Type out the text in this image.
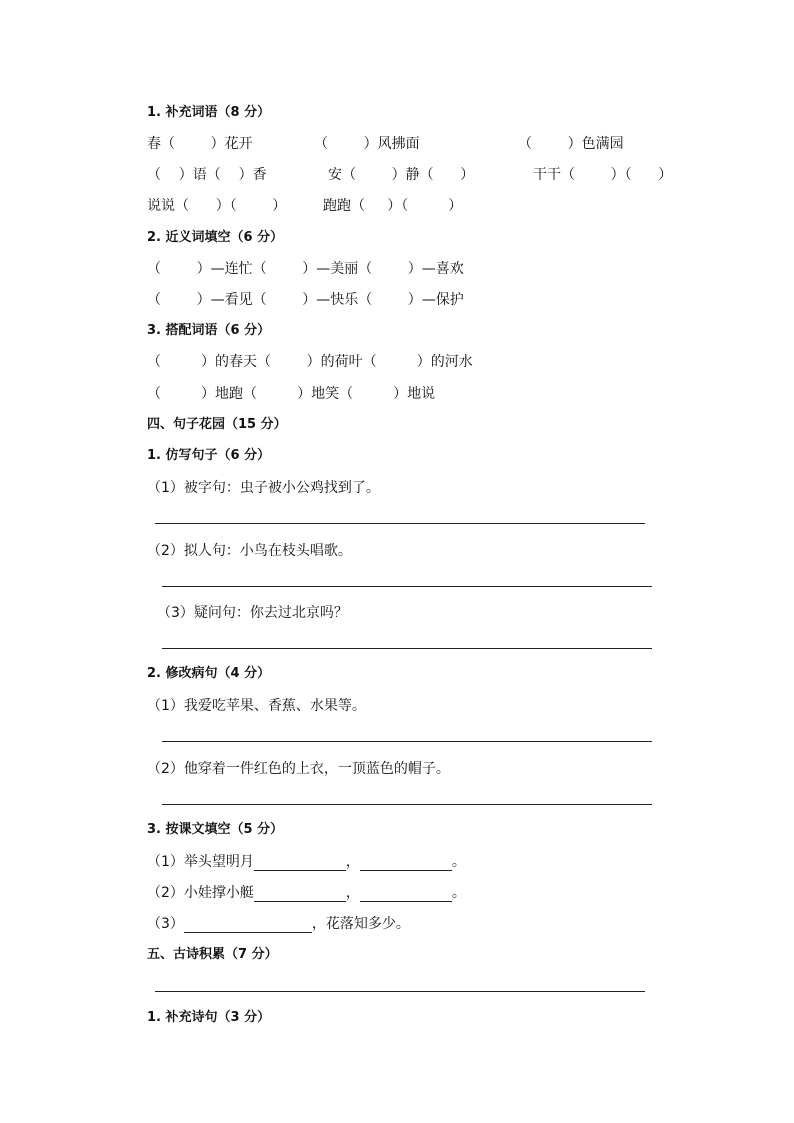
1. 补充词语（8 分）
春（        ）花开	（        ）风拂面	（        ）色满园
（    ）语（    ）香	安（        ）静（      ）	干干（        ）（      ）
说说（      ）（        ）	跑跑（     ）（         ）
2. 近义词填空（6 分）
（        ）—连忙（        ）—美丽（        ）—喜欢
（        ）—看见（        ）—快乐（        ）—保护
3. 搭配词语（6 分）
（         ）的春天（        ）的荷叶（         ）的河水
（         ）地跑（         ）地笑（         ）地说
四、句子花园（15 分）
1. 仿写句子（6 分）
（1）被字句：虫子被小公鸡找到了。
（2）拟人句：小鸟在枝头唱歌。
（3）疑问句：你去过北京吗？
2. 修改病句（4 分）
（1）我爱吃苹果、香蕉、水果等。
（2）他穿着一件红色的上衣，一顶蓝色的帽子。
3. 按课文填空（5 分）
（1）举头望明月	，	。
（2）小娃撑小艇	，	。
（3）	，花落知多少。
五、古诗积累（7 分）
1. 补充诗句（3 分）
